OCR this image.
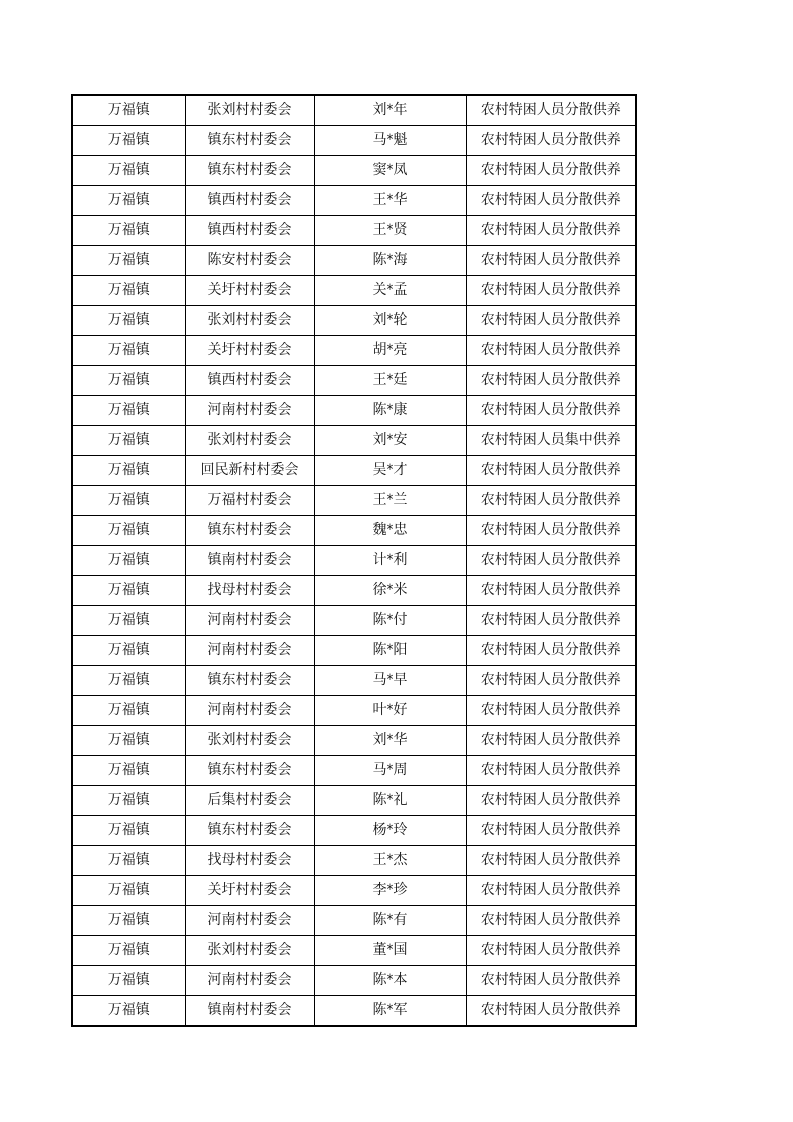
万福镇	张刘村村委会	刘*年	农村特困人员分散供养
万福镇	镇东村村委会	马*魁	农村特困人员分散供养
万福镇	镇东村村委会	窦*凤	农村特困人员分散供养
万福镇	镇西村村委会	王*华	农村特困人员分散供养
万福镇	镇西村村委会	王*贤	农村特困人员分散供养
万福镇	陈安村村委会	陈*海	农村特困人员分散供养
万福镇	关圩村村委会	关*孟	农村特困人员分散供养
万福镇	张刘村村委会	刘*轮	农村特困人员分散供养
万福镇	关圩村村委会	胡*亮	农村特困人员分散供养
万福镇	镇西村村委会	王*廷	农村特困人员分散供养
万福镇	河南村村委会	陈*康	农村特困人员分散供养
万福镇	张刘村村委会	刘*安	农村特困人员集中供养
万福镇	回民新村村委会	吴*才	农村特困人员分散供养
万福镇	万福村村委会	王*兰	农村特困人员分散供养
万福镇	镇东村村委会	魏*忠	农村特困人员分散供养
万福镇	镇南村村委会	计*利	农村特困人员分散供养
万福镇	找母村村委会	徐*米	农村特困人员分散供养
万福镇	河南村村委会	陈*付	农村特困人员分散供养
万福镇	河南村村委会	陈*阳	农村特困人员分散供养
万福镇	镇东村村委会	马*早	农村特困人员分散供养
万福镇	河南村村委会	叶*好	农村特困人员分散供养
万福镇	张刘村村委会	刘*华	农村特困人员分散供养
万福镇	镇东村村委会	马*周	农村特困人员分散供养
万福镇	后集村村委会	陈*礼	农村特困人员分散供养
万福镇	镇东村村委会	杨*玲	农村特困人员分散供养
万福镇	找母村村委会	王*杰	农村特困人员分散供养
万福镇	关圩村村委会	李*珍	农村特困人员分散供养
万福镇	河南村村委会	陈*有	农村特困人员分散供养
万福镇	张刘村村委会	董*国	农村特困人员分散供养
万福镇	河南村村委会	陈*本	农村特困人员分散供养
万福镇	镇南村村委会	陈*军	农村特困人员分散供养
